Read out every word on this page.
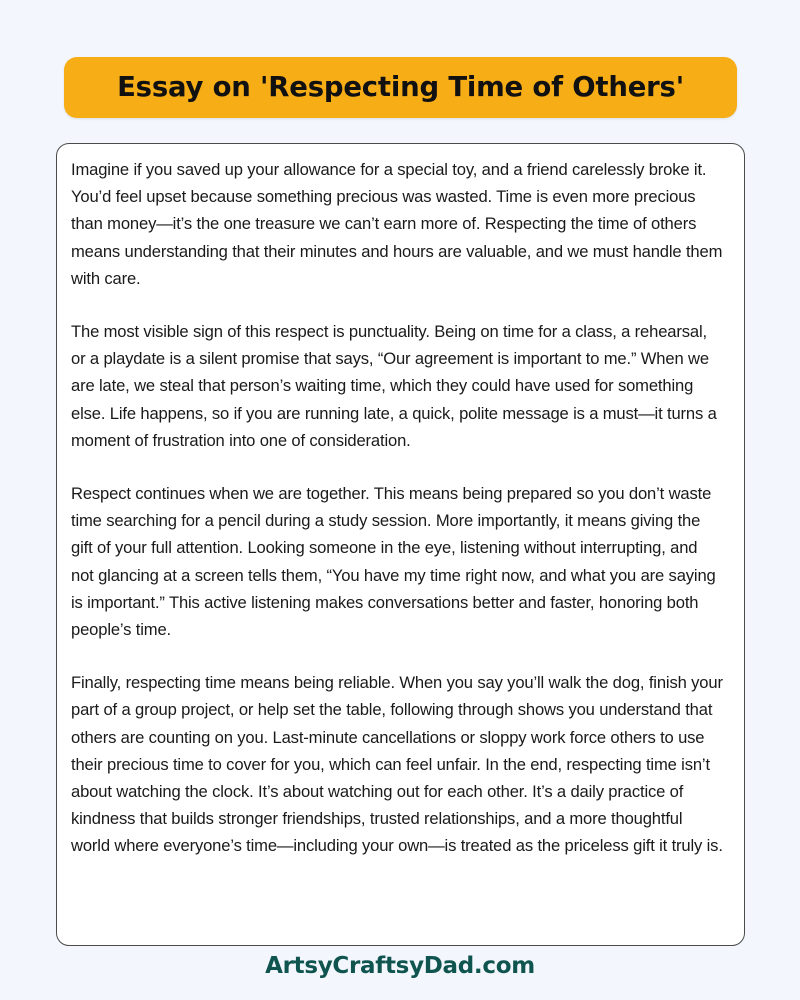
Essay on 'Respecting Time of Others'

Imagine if you saved up your allowance for a special toy, and a friend carelessly broke it. You’d feel upset because something precious was wasted. Time is even more precious than money—it’s the one treasure we can’t earn more of. Respecting the time of others means understanding that their minutes and hours are valuable, and we must handle them with care.

The most visible sign of this respect is punctuality. Being on time for a class, a rehearsal, or a playdate is a silent promise that says, “Our agreement is important to me.” When we are late, we steal that person’s waiting time, which they could have used for something else. Life happens, so if you are running late, a quick, polite message is a must—it turns a moment of frustration into one of consideration.

Respect continues when we are together. This means being prepared so you don’t waste time searching for a pencil during a study session. More importantly, it means giving the gift of your full attention. Looking someone in the eye, listening without interrupting, and not glancing at a screen tells them, “You have my time right now, and what you are saying is important.” This active listening makes conversations better and faster, honoring both people’s time.

Finally, respecting time means being reliable. When you say you’ll walk the dog, finish your part of a group project, or help set the table, following through shows you understand that others are counting on you. Last-minute cancellations or sloppy work force others to use their precious time to cover for you, which can feel unfair. In the end, respecting time isn’t about watching the clock. It’s about watching out for each other. It’s a daily practice of kindness that builds stronger friendships, trusted relationships, and a more thoughtful world where everyone’s time—including your own—is treated as the priceless gift it truly is.

ArtsyCraftsyDad.com
